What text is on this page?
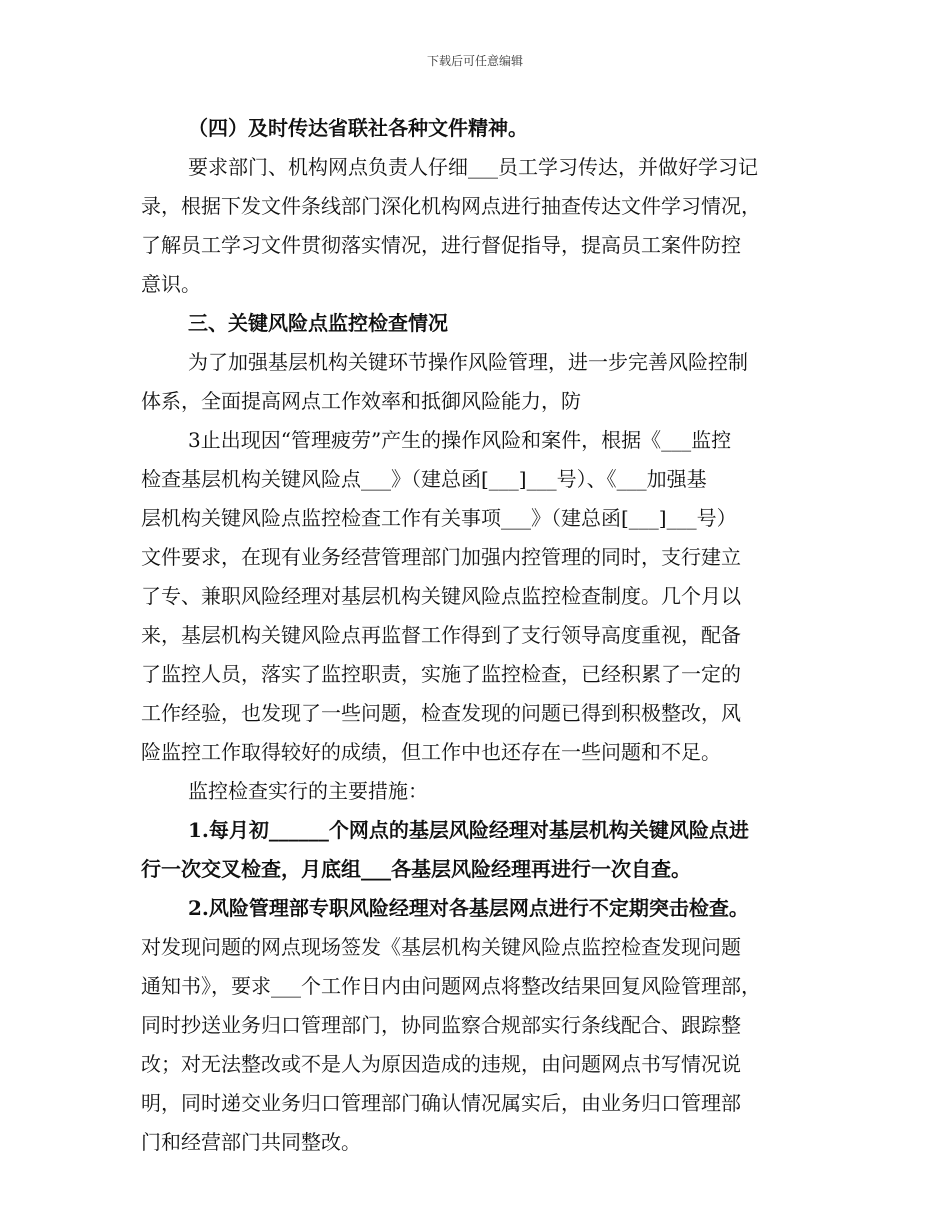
下载后可任意编辑
（四）及时传达省联社各种文件精神。
要求部门、机构网点负责人仔细___员工学习传达，并做好学习记
录，根据下发文件条线部门深化机构网点进行抽查传达文件学习情况，
了解员工学习文件贯彻落实情况，进行督促指导，提高员工案件防控
意识。
三、关键风险点监控检查情况
为了加强基层机构关键环节操作风险管理，进一步完善风险控制
体系，全面提高网点工作效率和抵御风险能力，防
3止出现因“管理疲劳”产生的操作风险和案件，根据《___监控
检查基层机构关键风险点___》（建总函[___]___号）、《___加强基
层机构关键风险点监控检查工作有关事项___》（建总函[___]___号）
文件要求，在现有业务经营管理部门加强内控管理的同时，支行建立
了专、兼职风险经理对基层机构关键风险点监控检查制度。几个月以
来，基层机构关键风险点再监督工作得到了支行领导高度重视，配备
了监控人员，落实了监控职责，实施了监控检查，已经积累了一定的
工作经验，也发现了一些问题，检查发现的问题已得到积极整改，风
险监控工作取得较好的成绩，但工作中也还存在一些问题和不足。
监控检查实行的主要措施：
1.每月初______个网点的基层风险经理对基层机构关键风险点进
行一次交叉检查，月底组___各基层风险经理再进行一次自查。
2.风险管理部专职风险经理对各基层网点进行不定期突击检查。
对发现问题的网点现场签发《基层机构关键风险点监控检查发现问题
通知书》，要求___个工作日内由问题网点将整改结果回复风险管理部，
同时抄送业务归口管理部门，协同监察合规部实行条线配合、跟踪整
改；对无法整改或不是人为原因造成的违规，由问题网点书写情况说
明，同时递交业务归口管理部门确认情况属实后，由业务归口管理部
门和经营部门共同整改。
